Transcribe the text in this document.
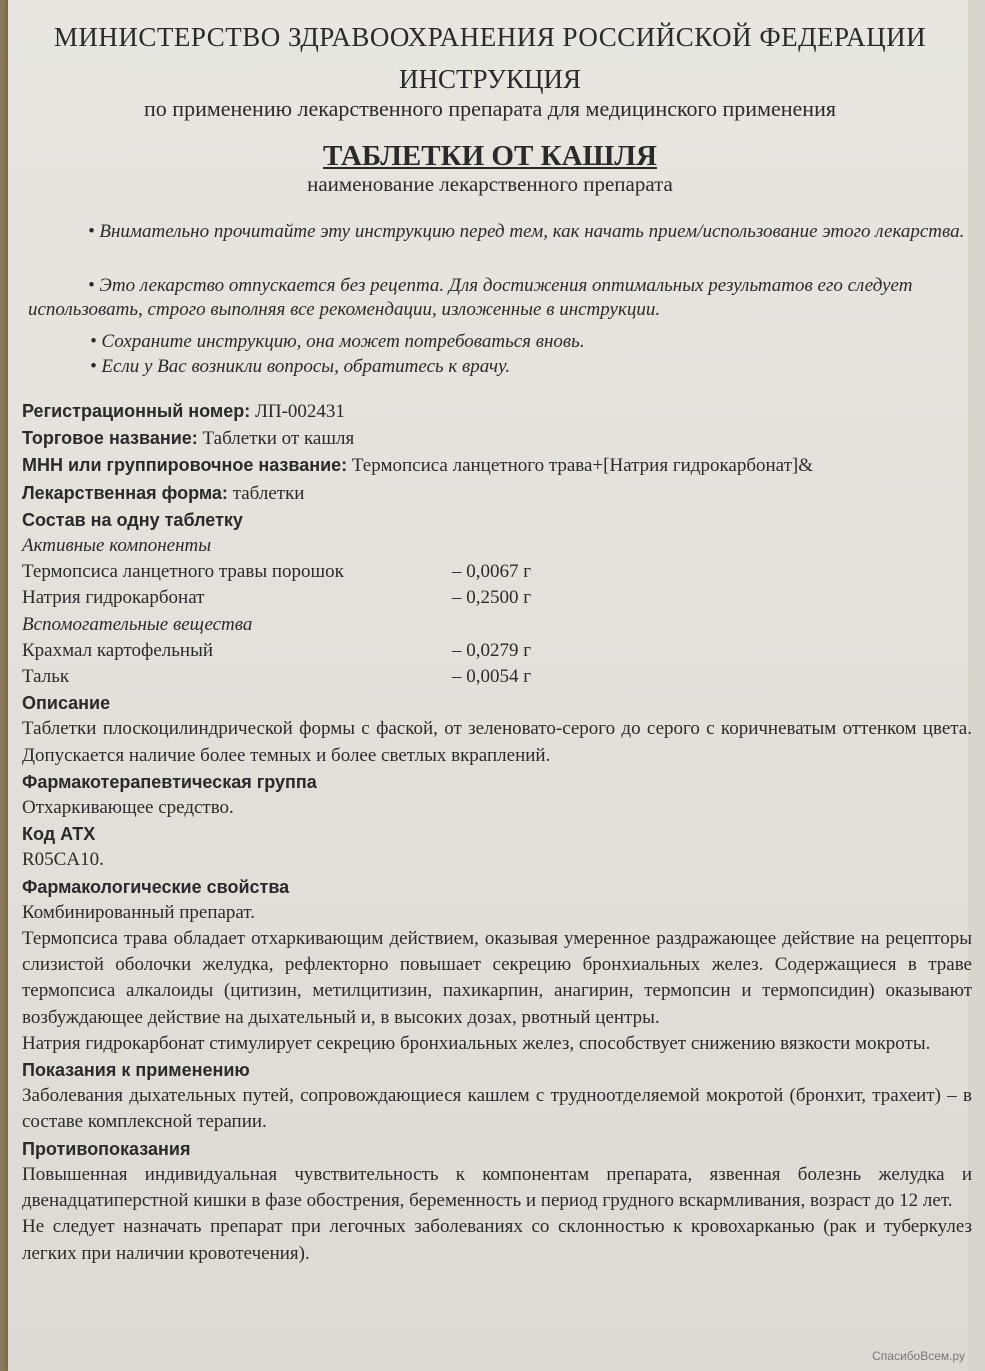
МИНИСТЕРСТВО ЗДРАВООХРАНЕНИЯ РОССИЙСКОЙ ФЕДЕРАЦИИ
ИНСТРУКЦИЯ
по применению лекарственного препарата для медицинского применения
ТАБЛЕТКИ ОТ КАШЛЯ
наименование лекарственного препарата
• Внимательно прочитайте эту инструкцию перед тем, как начать прием/использование этого лекарства.
• Это лекарство отпускается без рецепта. Для достижения оптимальных результатов его следует использовать, строго выполняя все рекомендации, изложенные в инструкции.
• Сохраните инструкцию, она может потребоваться вновь.
• Если у Вас возникли вопросы, обратитесь к врачу.
Регистрационный номер: ЛП-002431
Торговое название: Таблетки от кашля
МНН или группировочное название: Термопсиса ланцетного трава+[Натрия гидрокарбонат]&
Лекарственная форма: таблетки
Состав на одну таблетку
Активные компоненты
Термопсиса ланцетного травы порошок	– 0,0067 г
Натрия гидрокарбонат	– 0,2500 г
Вспомогательные вещества
Крахмал картофельный	– 0,0279 г
Тальк	– 0,0054 г
Описание
Таблетки плоскоцилиндрической формы с фаской, от зеленовато-серого до серого с коричневатым оттенком цвета. Допускается наличие более темных и более светлых вкраплений.
Фармакотерапевтическая группа
Отхаркивающее средство.
Код АТХ
R05CA10.
Фармакологические свойства
Комбинированный препарат.
Термопсиса трава обладает отхаркивающим действием, оказывая умеренное раздражающее действие на рецепторы слизистой оболочки желудка, рефлекторно повышает секрецию бронхиальных желез. Содержащиеся в траве термопсиса алкалоиды (цитизин, метилцитизин, пахикарпин, анагирин, термопсин и термопсидин) оказывают возбуждающее действие на дыхательный и, в высоких дозах, рвотный центры.
Натрия гидрокарбонат стимулирует секрецию бронхиальных желез, способствует снижению вязкости мокроты.
Показания к применению
Заболевания дыхательных путей, сопровождающиеся кашлем с трудноотделяемой мокротой (бронхит, трахеит) – в составе комплексной терапии.
Противопоказания
Повышенная индивидуальная чувствительность к компонентам препарата, язвенная болезнь желудка и двенадцатиперстной кишки в фазе обострения, беременность и период грудного вскармливания, возраст до 12 лет.
Не следует назначать препарат при легочных заболеваниях со склонностью к кровохарканью (рак и туберкулез легких при наличии кровотечения).
СпасибоВсем.ру
